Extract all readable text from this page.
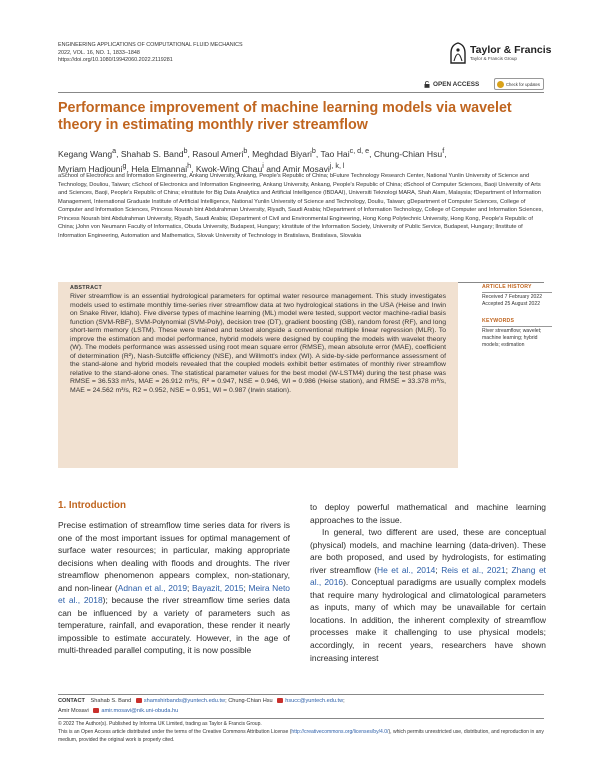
ENGINEERING APPLICATIONS OF COMPUTATIONAL FLUID MECHANICS
2022, VOL. 16, NO. 1, 1833–1848
https://doi.org/10.1080/19942060.2022.2119281
Taylor & Francis
Taylor & Francis Group
OPEN ACCESS	Check for updates
Performance improvement of machine learning models via wavelet theory in estimating monthly river streamflow
Kegang Wang$^a$, Shahab S. Band$^b$, Rasoul Ameri$^b$, Meghdad Biyari$^b$, Tao Hai$^{c, d, e}$, Chung-Chian Hsu$^f$,
Myriam Hadjouni$^g$, Hela Elmannai$^h$, Kwok-Wing Chau$^i$ and Amir Mosavi$^{j, k, l}$
aSchool of Electronics and Information Engineering, Ankang University, Ankang, People's Republic of China; bFuture Technology Research Center, National Yunlin University of Science and Technology, Douliou, Taiwan; cSchool of Electronics and Information Engineering, Ankang University, Ankang, People's Republic of China; dSchool of Computer Sciences, Baoji University of Arts and Sciences, Baoji, People's Republic of China; eInstitute for Big Data Analytics and Artificial Intelligence (IBDAAI), Universiti Teknologi MARA, Shah Alam, Malaysia; fDepartment of Information Management, International Graduate Institute of Artificial Intelligence, National Yunlin University of Science and Technology, Douliu, Taiwan; gDepartment of Computer Sciences, College of Computer and Information Sciences, Princess Nourah bint Abdulrahman University, Riyadh, Saudi Arabia; hDepartment of Information Technology, College of Computer and Information Sciences, Princess Nourah bint Abdulrahman University, Riyadh, Saudi Arabia; iDepartment of Civil and Environmental Engineering, Hong Kong Polytechnic University, Hong Kong, People's Republic of China; jJohn von Neumann Faculty of Informatics, Obuda University, Budapest, Hungary; kInstitute of the Information Society, University of Public Service, Budapest, Hungary; lInstitute of Information Engineering, Automation and Mathematics, Slovak University of Technology in Bratislava, Bratislava, Slovakia
ABSTRACT
River streamflow is an essential hydrological parameters for optimal water resource management. This study investigates models used to estimate monthly time-series river streamflow data at two hydrological stations in the USA (Heise and Irwin on Snake River, Idaho). Five diverse types of machine learning (ML) model were tested, support vector machine-radial basis function (SVM-RBF), SVM-Polynomial (SVM-Poly), decision tree (DT), gradient boosting (GB), random forest (RF), and long short-term memory (LSTM). These were trained and tested alongside a conventional multiple linear regression (MLR). To improve the estimation and model performance, hybrid models were designed by coupling the models with wavelet theory (W). The models performance was assessed using root mean square error (RMSE), mean absolute error (MAE), coefficient of determination (R²), Nash-Sutcliffe efficiency (NSE), and Willmott's index (WI). A side-by-side performance assessment of the stand-alone and hybrid models revealed that the coupled models exhibit better estimates of monthly river streamflow relative to the stand-alone ones. The statistical parameter values for the best model (W-LSTM4) during the test phase was RMSE = 36.533 m³/s, MAE = 26.912 m³/s, R² = 0.947, NSE = 0.946, WI = 0.986 (Heise station), and RMSE = 33.378 m³/s, MAE = 24.562 m³/s, R2 = 0.952, NSE = 0.951, WI = 0.987 (Irwin station).
ARTICLE HISTORY
Received 7 February 2022
Accepted 25 August 2022
KEYWORDS
River streamflow; wavelet; machine learning; hybrid models; estimation
1. Introduction

Precise estimation of streamflow time series data for rivers is one of the most important issues for optimal management of surface water resources; in particular, making appropriate decisions when dealing with floods and droughts. The river streamflow phenomenon appears complex, non-stationary, and non-linear (Adnan et al., 2019; Bayazit, 2015; Meira Neto et al., 2018); because the river streamflow time series data can be influenced by a variety of parameters such as temperature, rainfall, and evaporation, these render it nearly impossible to estimate accurately. However, in the age of multi-threaded parallel computing, it is now possible

to deploy powerful mathematical and machine learning approaches to the issue.

In general, two different are used, these are conceptual (physical) models, and machine learning (data-driven). These are both proposed, and used by hydrologists, for estimating river streamflow (He et al., 2014; Reis et al., 2021; Zhang et al., 2016). Conceptual paradigms are usually complex models that require many hydrological and climatological parameters as inputs, many of which may be unavailable for certain locations. In addition, the inherent complexity of streamflow processes make it challenging to use physical models; accordingly, in recent years, researchers have shown increasing interest

CONTACT Shahab S. Band shamshirbands@yuntech.edu.tw; Chung-Chian Hsu hsucc@yuntech.edu.tw;
Amir Mosavi amir.mosavi@nik.uni-obuda.hu
© 2022 The Author(s). Published by Informa UK Limited, trading as Taylor & Francis Group.
This is an Open Access article distributed under the terms of the Creative Commons Attribution License (http://creativecommons.org/licenses/by/4.0/), which permits unrestricted use, distribution, and reproduction in any medium, provided the original work is properly cited.
